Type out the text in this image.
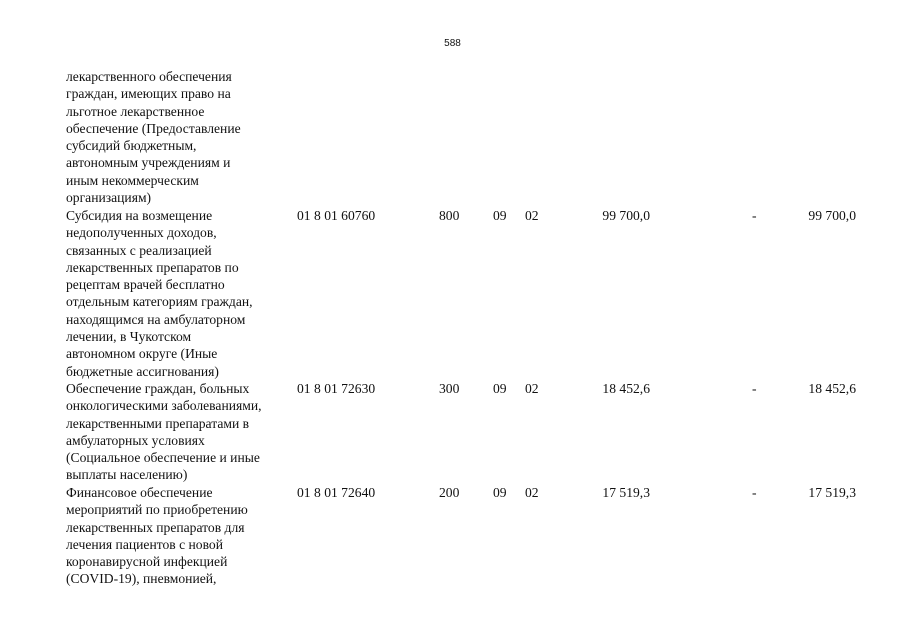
588
лекарственного обеспечения
граждан, имеющих право на
льготное лекарственное
обеспечение (Предоставление
субсидий бюджетным,
автономным учреждениям и
иным некоммерческим
организациям)
Субсидия на возмещение
недополученных доходов,
связанных с реализацией
лекарственных препаратов по
рецептам врачей бесплатно
отдельным категориям граждан,
находящимся на амбулаторном
лечении, в Чукотском
автономном округе (Иные
бюджетные ассигнования)
01 8 01 60760	800 09 02	99 700,0	-	99 700,0
Обеспечение граждан, больных
онкологическими заболеваниями,
лекарственными препаратами в
амбулаторных условиях
(Социальное обеспечение и иные
выплаты населению)
01 8 01 72630	300 09 02	18 452,6	-	18 452,6
Финансовое обеспечение
мероприятий по приобретению
лекарственных препаратов для
лечения пациентов с новой
коронавирусной инфекцией
(COVID-19), пневмонией,
01 8 01 72640	200 09 02	17 519,3	-	17 519,3
